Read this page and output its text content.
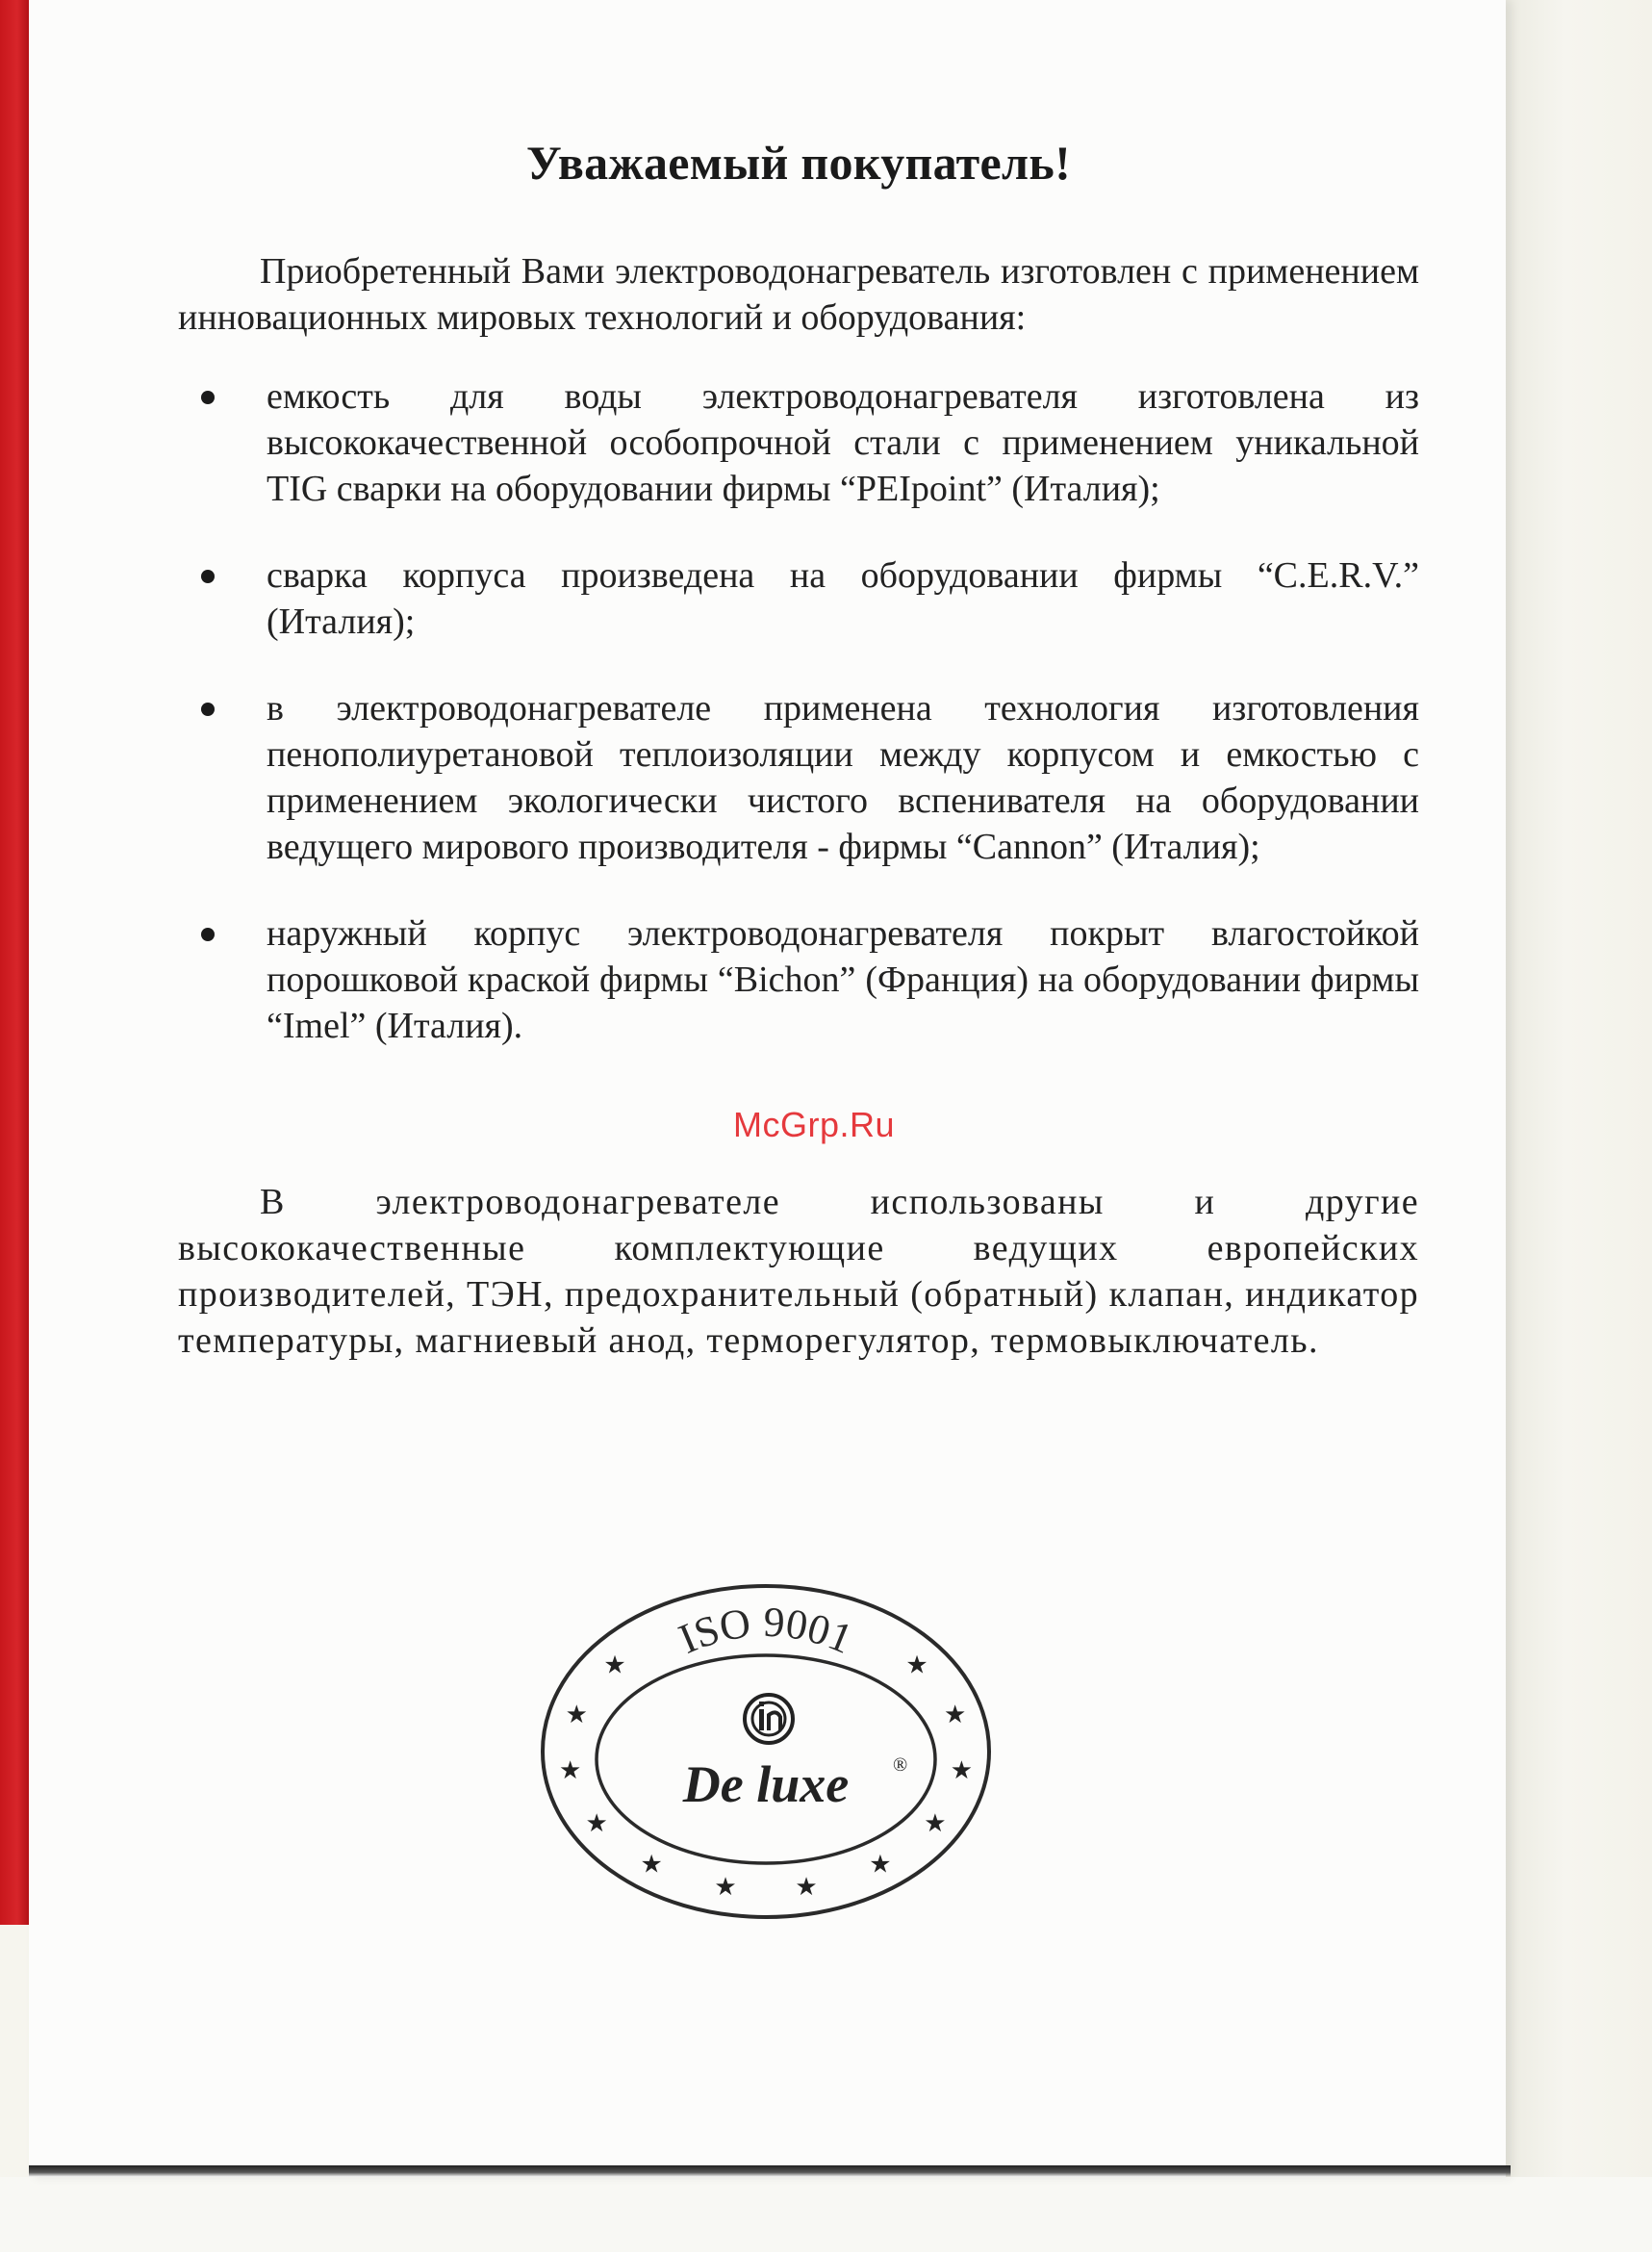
Уважаемый покупатель!

Приобретенный Вами электроводонагреватель изготовлен с применением инновационных мировых технологий и оборудования:

емкость для воды электроводонагревателя изготовлена из высококачественной особопрочной стали с применением уникальной TIG сварки на оборудовании фирмы “PEIpoint” (Италия);
сварка корпуса произведена на оборудовании фирмы “C.E.R.V.” (Италия);
в электроводонагревателе применена технология изготовления пенополиуретановой теплоизоляции между корпусом и емкостью с применением экологически чистого вспенивателя на оборудовании ведущего мирового производителя - фирмы “Cannon” (Италия);
наружный корпус электроводонагревателя покрыт влагостойкой порошковой краской фирмы “Bichon” (Франция) на оборудовании фирмы “Imel” (Италия).
McGrp.Ru

В электроводонагревателе использованы и другие высококачественные комплектующие ведущих европейских производителей, ТЭН, предохранительный (обратный) клапан, индикатор температуры, магниевый анод, терморегулятор, термовыключатель.

ISO 9001
★
★
★
★
★
★
★
★
★
★
★
★
De luxe ®
